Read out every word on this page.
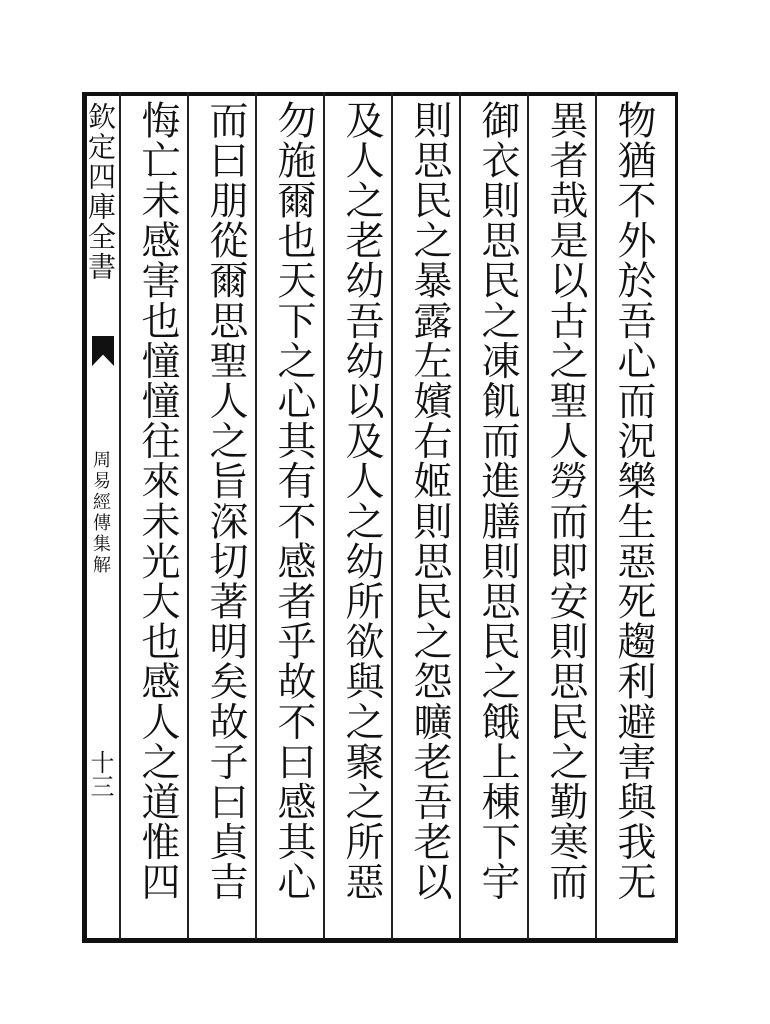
欽定四庫全書
周易經傳集解
十三	物猶不外於吾心而況樂生惡死趨利避害與我无
異者哉是以古之聖人勞而即安則思民之勤寒而
御衣則思民之凍飢而進膳則思民之餓上棟下宇
則思民之暴露左嬪右姬則思民之怨曠老吾老以
及人之老幼吾幼以及人之幼所欲與之聚之所惡
勿施爾也天下之心其有不感者乎故不曰感其心
而曰朋從爾思聖人之旨深切著明矣故子曰貞吉
悔亡未感害也憧憧往來未光大也感人之道惟四
